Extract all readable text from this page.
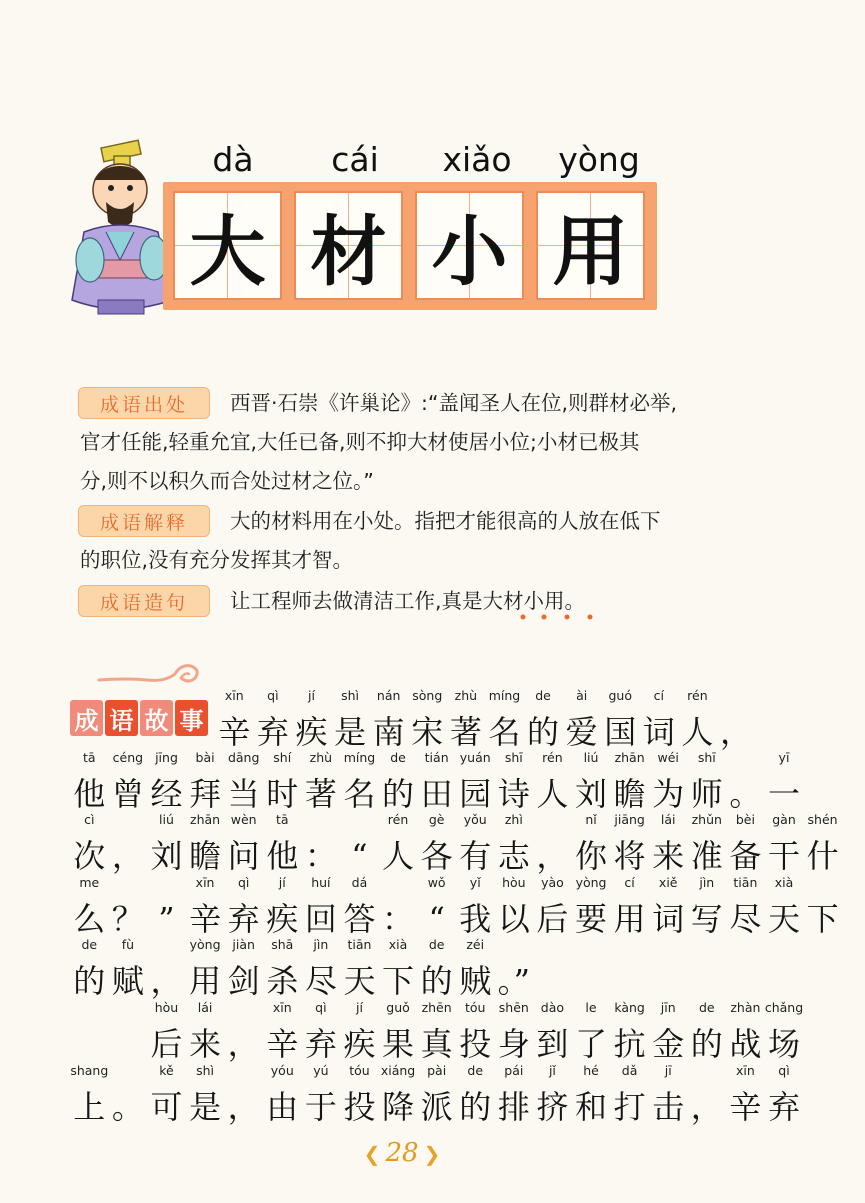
dà	cái	xiǎo	yòng
大 材 小 用
成语出处	西晋·石崇《许巢论》:“盖闻圣人在位,则群材必举,
官才任能,轻重允宜,大任已备,则不抑大材使居小位;小材已极其
分,则不以积久而合处过材之位。”
成语解释	大的材料用在小处。指把才能很高的人放在低下
的职位,没有充分发挥其才智。
成语造句	让工程师去做清洁工作,真是大材小用。
成 语 故 事
xīn	qì	jí	shì	nán sòng zhù míng	de	ài	guó	cí	rén
辛 弃 疾 是 南 宋 著 名 的 爱 国 词 人 ，
tā	céng jīng	bài	dāng	shí	zhù míng	de	tián yuán	shī	rén	liú	zhān	wéi	shī	yī
他 曾 经 拜 当 时 著 名 的 田 园 诗 人 刘 瞻 为 师 。 一
cì	liú	zhān wèn	tā	rén	gè	yǒu	zhì	nǐ	jiāng	lái	zhǔn	bèi	gàn shén
次 ， 刘 瞻 问 他 ： “ 人 各 有 志 ， 你 将 来 准 备 干 什
me	xīn	qì	jí	huí	dá	wǒ	yǐ	hòu	yào yòng	cí	xiě	jìn	tiān	xià
么 ？ ” 辛 弃 疾 回 答 ： “ 我 以 后 要 用 词 写 尽 天 下
de	fù	yòng jiàn	shā	jìn	tiān	xià	de	zéi
的 赋 ， 用 剑 杀 尽 天 下 的 贼 。”
hòu	lái	xīn	qì	jí	guǒ zhēn	tóu	shēn dào	le	kàng	jīn	de	zhàn chǎng
后 来 ， 辛 弃 疾 果 真 投 身 到 了 抗 金 的 战 场
shang	kě	shì	yóu	yú	tóu xiáng pài	de	pái	jǐ	hé	dǎ	jī	xīn	qì
上 。 可 是 ， 由 于 投 降 派 的 排 挤 和 打 击 ， 辛 弃
❮ 28 ❯
